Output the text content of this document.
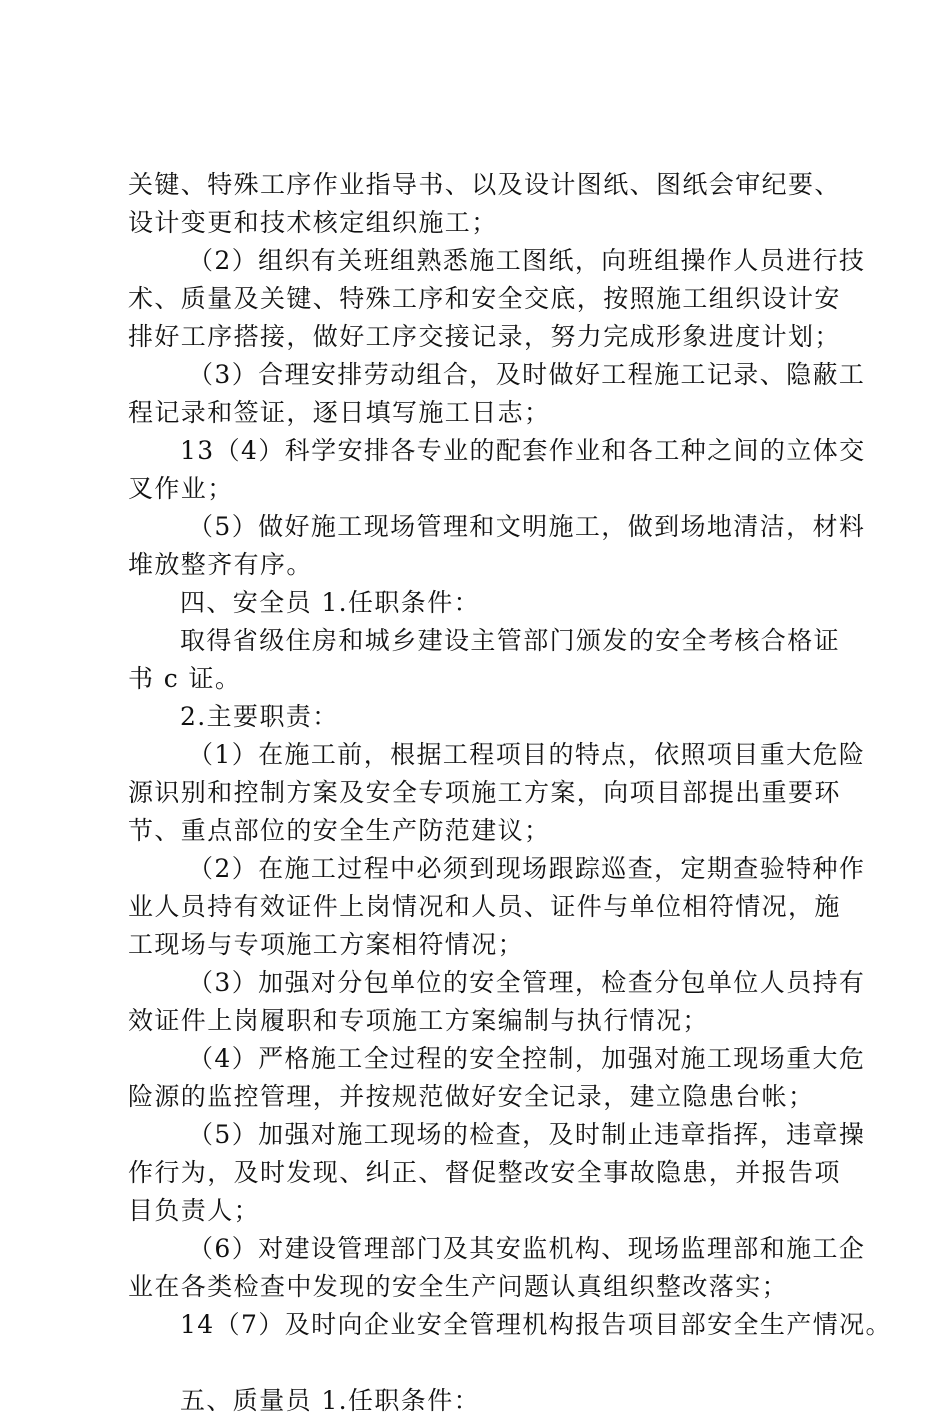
关键、特殊工序作业指导书、以及设计图纸、图纸会审纪要、
设计变更和技术核定组织施工；
（2）组织有关班组熟悉施工图纸，向班组操作人员进行技
术、质量及关键、特殊工序和安全交底，按照施工组织设计安
排好工序搭接，做好工序交接记录，努力完成形象进度计划；
（3）合理安排劳动组合，及时做好工程施工记录、隐蔽工
程记录和签证，逐日填写施工日志；
13（4）科学安排各专业的配套作业和各工种之间的立体交
叉作业；
（5）做好施工现场管理和文明施工，做到场地清洁，材料
堆放整齐有序。
四、安全员 1.任职条件：
取得省级住房和城乡建设主管部门颁发的安全考核合格证
书 c 证。
2.主要职责：
（1）在施工前，根据工程项目的特点，依照项目重大危险
源识别和控制方案及安全专项施工方案，向项目部提出重要环
节、重点部位的安全生产防范建议；
（2）在施工过程中必须到现场跟踪巡查，定期查验特种作
业人员持有效证件上岗情况和人员、证件与单位相符情况，施
工现场与专项施工方案相符情况；
（3）加强对分包单位的安全管理，检查分包单位人员持有
效证件上岗履职和专项施工方案编制与执行情况；
（4）严格施工全过程的安全控制，加强对施工现场重大危
险源的监控管理，并按规范做好安全记录，建立隐患台帐；
（5）加强对施工现场的检查，及时制止违章指挥，违章操
作行为，及时发现、纠正、督促整改安全事故隐患，并报告项
目负责人；
（6）对建设管理部门及其安监机构、现场监理部和施工企
业在各类检查中发现的安全生产问题认真组织整改落实；
14（7）及时向企业安全管理机构报告项目部安全生产情况。
五、质量员 1.任职条件：
